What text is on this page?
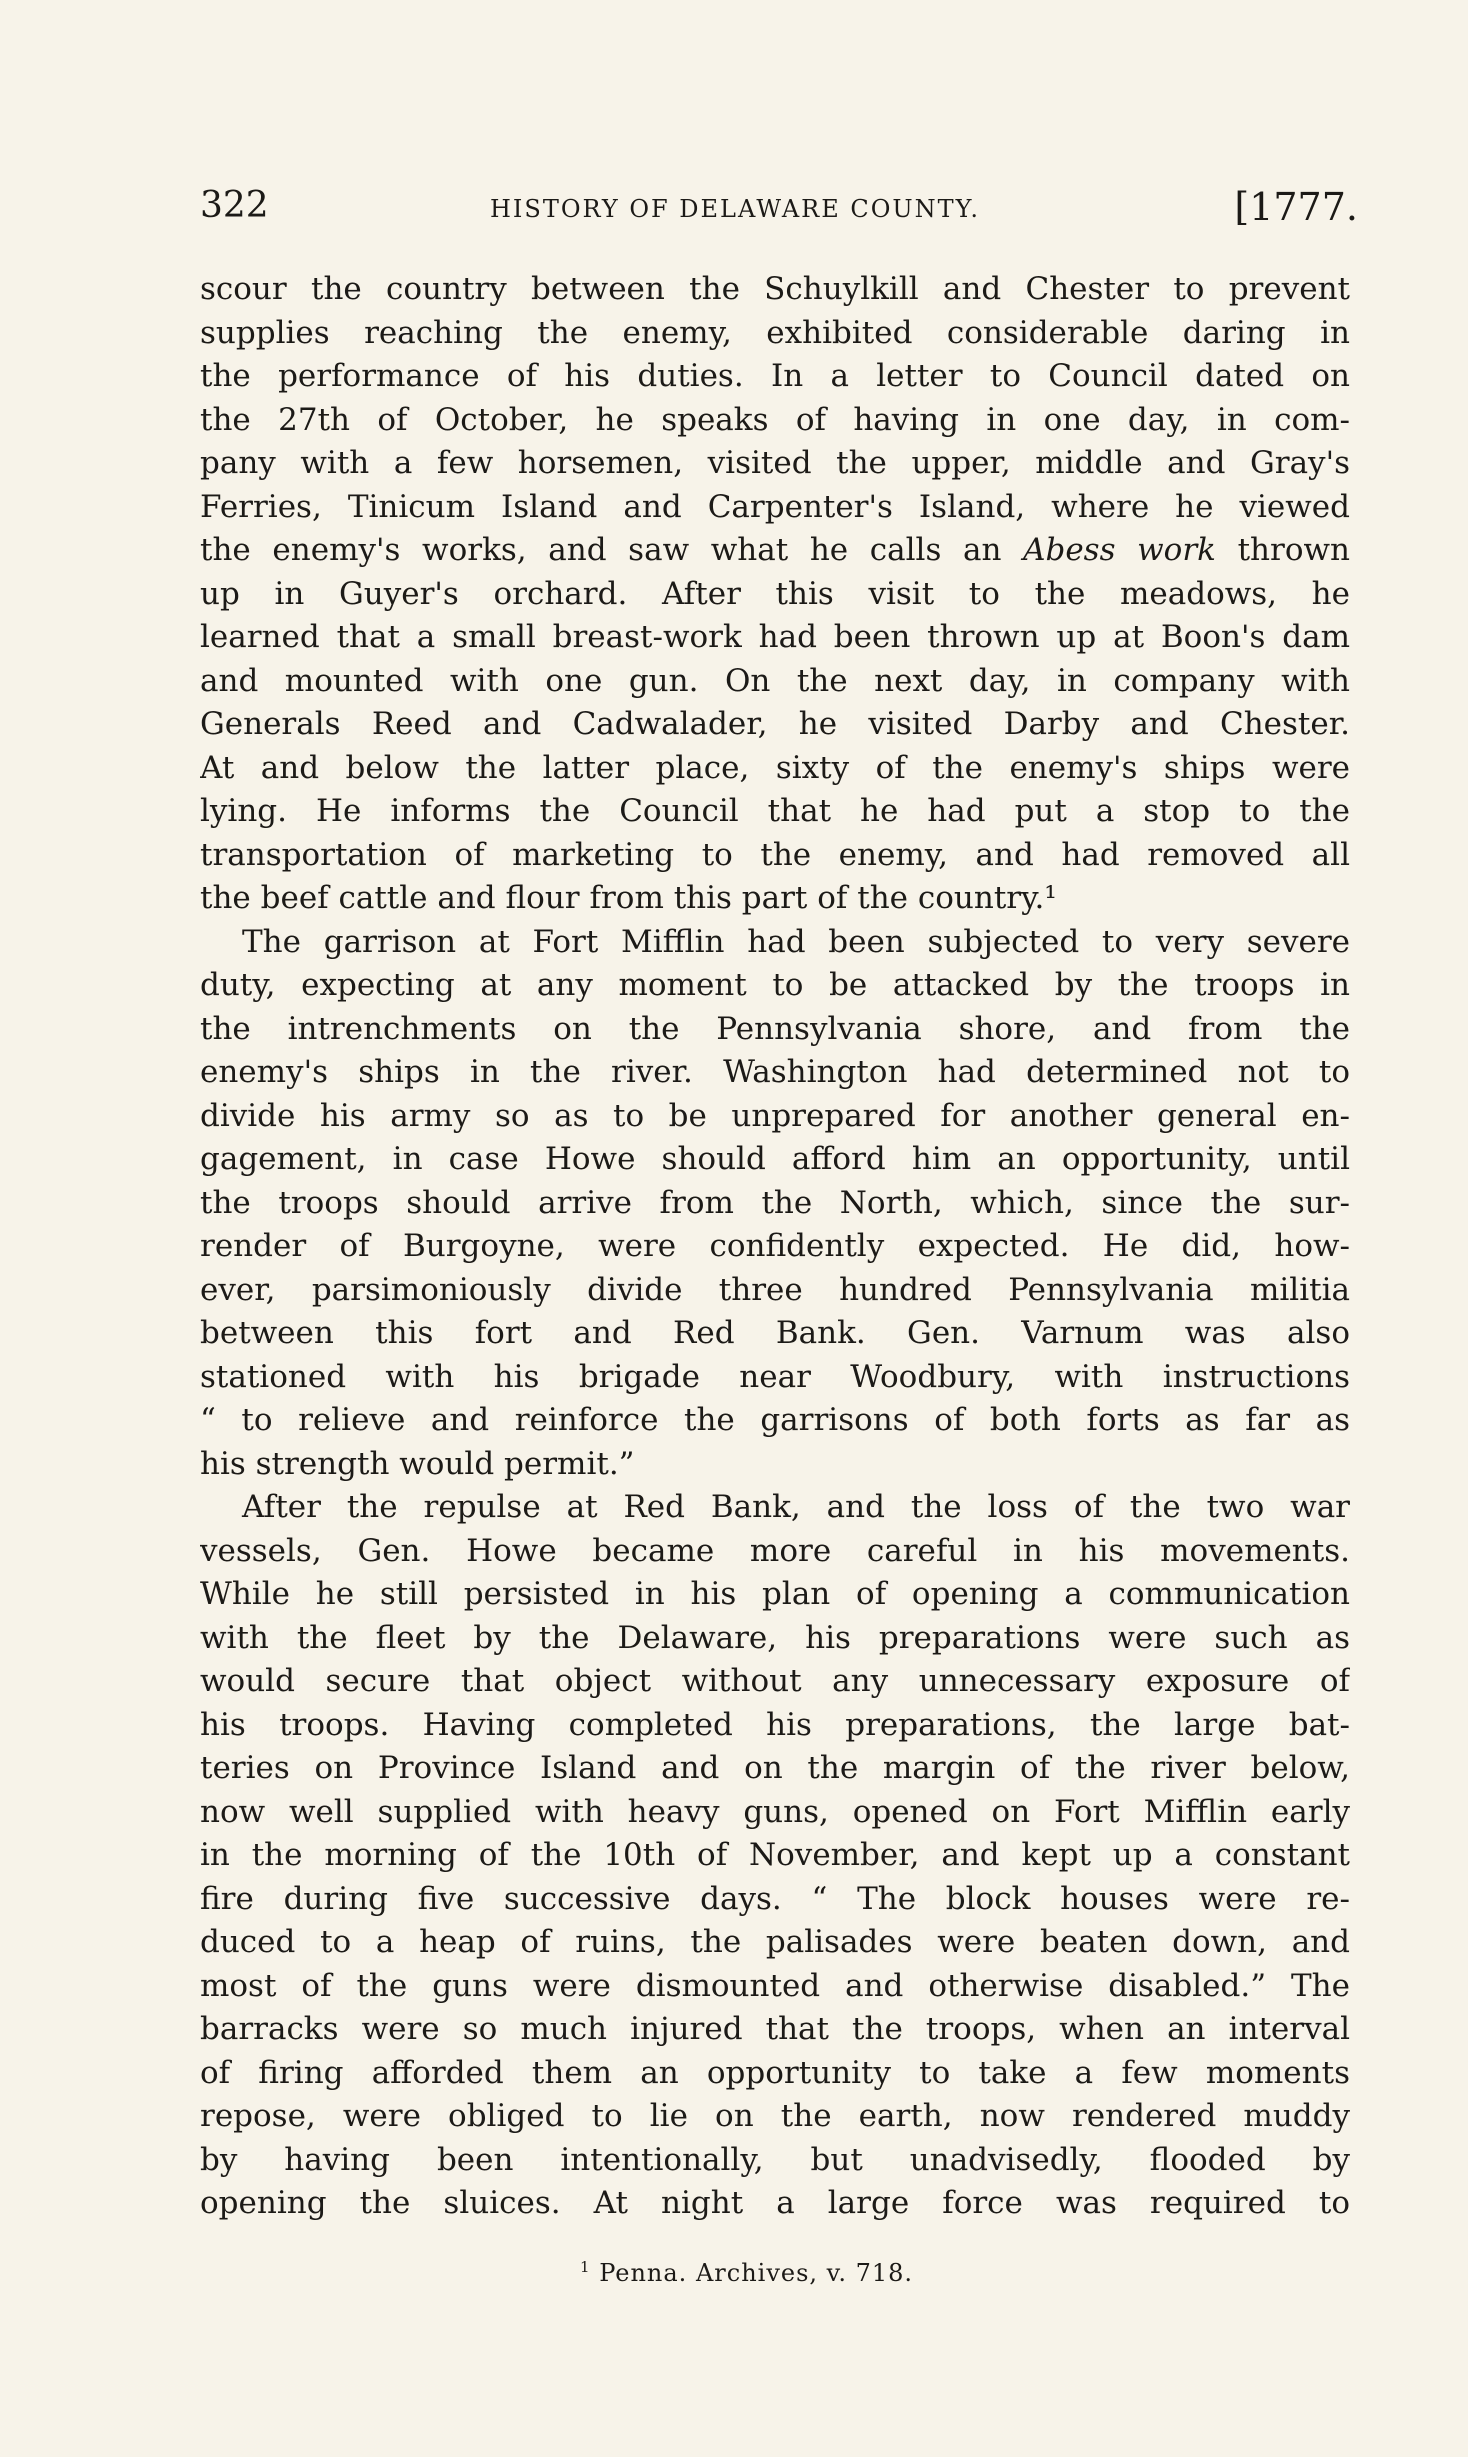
322	HISTORY OF DELAWARE COUNTY.	[1777.
scour the country between the Schuylkill and Chester to prevent
supplies reaching the enemy, exhibited considerable daring in
the performance of his duties. In a letter to Council dated on
the 27th of October, he speaks of having in one day, in com-
pany with a few horsemen, visited the upper, middle and Gray's
Ferries, Tinicum Island and Carpenter's Island, where he viewed
the enemy's works, and saw what he calls an Abess work thrown
up in Guyer's orchard. After this visit to the meadows, he
learned that a small breast-work had been thrown up at Boon's dam
and mounted with one gun. On the next day, in company with
Generals Reed and Cadwalader, he visited Darby and Chester.
At and below the latter place, sixty of the enemy's ships were
lying. He informs the Council that he had put a stop to the
transportation of marketing to the enemy, and had removed all
the beef cattle and flour from this part of the country.¹
The garrison at Fort Mifflin had been subjected to very severe
duty, expecting at any moment to be attacked by the troops in
the intrenchments on the Pennsylvania shore, and from the
enemy's ships in the river. Washington had determined not to
divide his army so as to be unprepared for another general en-
gagement, in case Howe should afford him an opportunity, until
the troops should arrive from the North, which, since the sur-
render of Burgoyne, were confidently expected. He did, how-
ever, parsimoniously divide three hundred Pennsylvania militia
between this fort and Red Bank. Gen. Varnum was also
stationed with his brigade near Woodbury, with instructions
“ to relieve and reinforce the garrisons of both forts as far as
his strength would permit.”
After the repulse at Red Bank, and the loss of the two war
vessels, Gen. Howe became more careful in his movements.
While he still persisted in his plan of opening a communication
with the fleet by the Delaware, his preparations were such as
would secure that object without any unnecessary exposure of
his troops. Having completed his preparations, the large bat-
teries on Province Island and on the margin of the river below,
now well supplied with heavy guns, opened on Fort Mifflin early
in the morning of the 10th of November, and kept up a constant
fire during five successive days. “ The block houses were re-
duced to a heap of ruins, the palisades were beaten down, and
most of the guns were dismounted and otherwise disabled.” The
barracks were so much injured that the troops, when an interval
of firing afforded them an opportunity to take a few moments
repose, were obliged to lie on the earth, now rendered muddy
by having been intentionally, but unadvisedly, flooded by
opening the sluices. At night a large force was required to
$^1$ Penna. Archives, v. 718.
